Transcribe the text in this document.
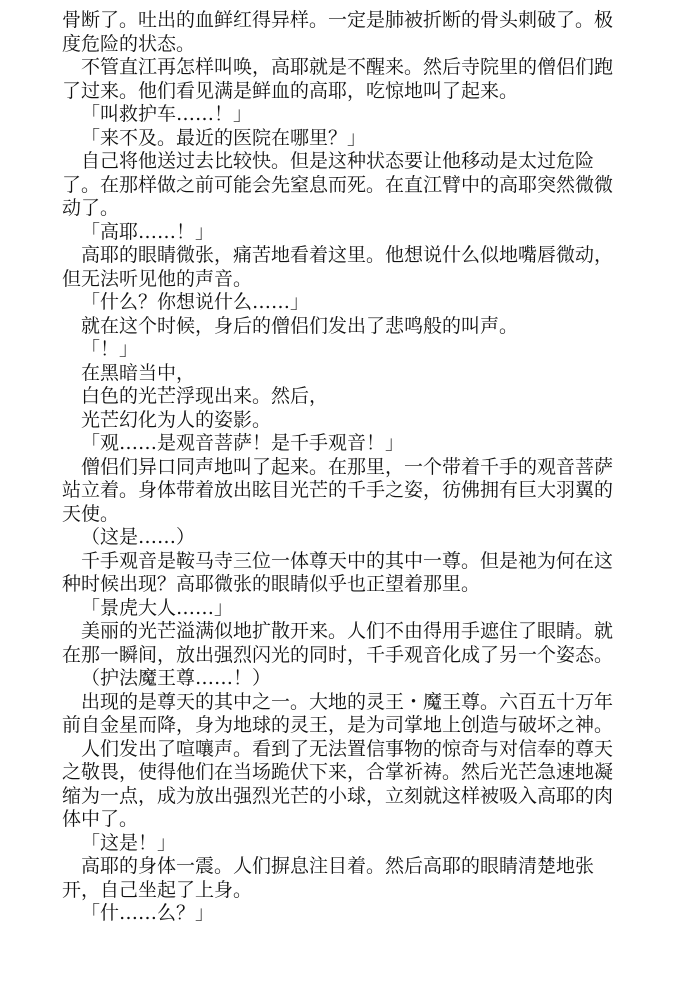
骨断了。吐出的血鲜红得异样。一定是肺被折断的骨头刺破了。极
度危险的状态。
不管直江再怎样叫唤，高耶就是不醒来。然后寺院里的僧侣们跑
了过来。他们看见满是鲜血的高耶，吃惊地叫了起来。
「叫救护车……！」
「来不及。最近的医院在哪里？」
自己将他送过去比较快。但是这种状态要让他移动是太过危险
了。在那样做之前可能会先窒息而死。在直江臂中的高耶突然微微
动了。
「高耶……！」
高耶的眼睛微张，痛苦地看着这里。他想说什么似地嘴唇微动，
但无法听见他的声音。
「什么？你想说什么……」
就在这个时候，身后的僧侣们发出了悲鸣般的叫声。
「！」
在黑暗当中，
白色的光芒浮现出来。然后，
光芒幻化为人的姿影。
「观……是观音菩萨！是千手观音！」
僧侣们异口同声地叫了起来。在那里，一个带着千手的观音菩萨
站立着。身体带着放出眩目光芒的千手之姿，彷佛拥有巨大羽翼的
天使。
（这是……）
千手观音是鞍马寺三位一体尊天中的其中一尊。但是祂为何在这
种时候出现？高耶微张的眼睛似乎也正望着那里。
「景虎大人……」
美丽的光芒溢满似地扩散开来。人们不由得用手遮住了眼睛。就
在那一瞬间，放出强烈闪光的同时，千手观音化成了另一个姿态。
（护法魔王尊……！）
出现的是尊天的其中之一。大地的灵王・魔王尊。六百五十万年
前自金星而降，身为地球的灵王，是为司掌地上创造与破坏之神。
人们发出了喧嚷声。看到了无法置信事物的惊奇与对信奉的尊天
之敬畏，使得他们在当场跪伏下来，合掌祈祷。然后光芒急速地凝
缩为一点，成为放出强烈光芒的小球，立刻就这样被吸入高耶的肉
体中了。
「这是！」
高耶的身体一震。人们摒息注目着。然后高耶的眼睛清楚地张
开，自己坐起了上身。
「什……么？」
